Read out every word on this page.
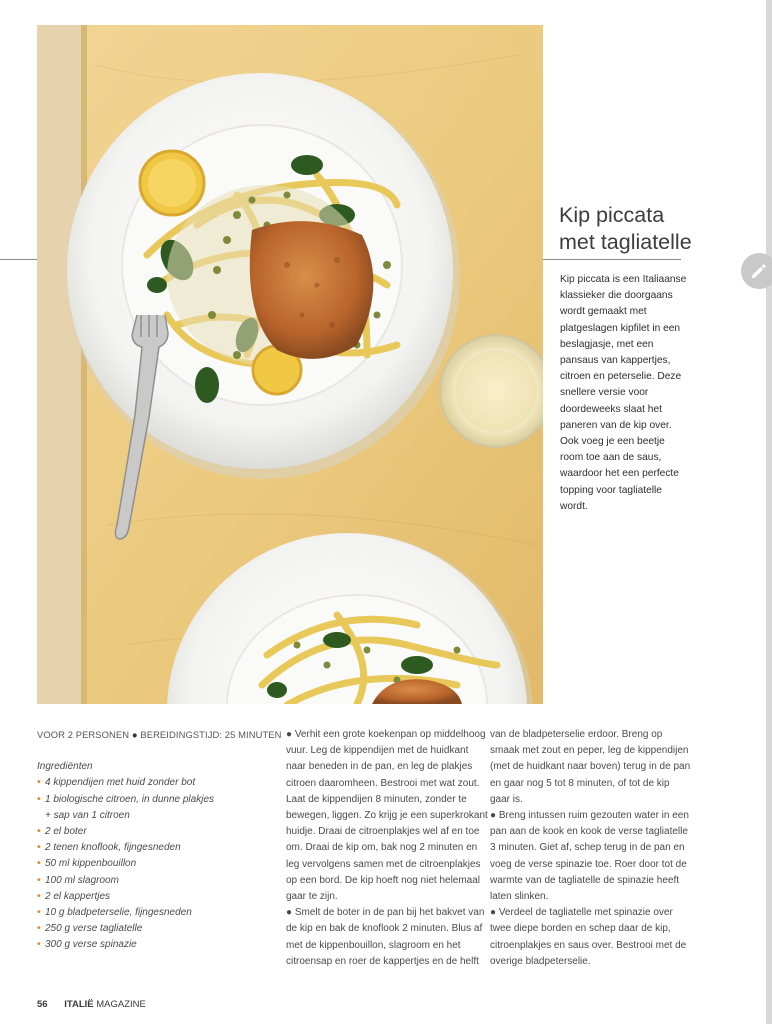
Kip piccata
met tagliatelle
Kip piccata is een Italiaanse
klassieker die doorgaans
wordt gemaakt met
platgeslagen kipfilet in een
beslagjasje, met een
pansaus van kappertjes,
citroen en peterselie. Deze
snellere versie voor
doordeweeks slaat het
paneren van de kip over.
Ook voeg je een beetje
room toe aan de saus,
waardoor het een perfecte
topping voor tagliatelle
wordt.
VOOR 2 PERSONEN ● BEREIDINGSTIJD: 25 MINUTEN
Ingrediënten
• 4 kippendijen met huid zonder bot
• 1 biologische citroen, in dunne plakjes
+ sap van 1 citroen
• 2 el boter
• 2 tenen knoflook, fijngesneden
• 50 ml kippenbouillon
• 100 ml slagroom
• 2 el kappertjes
• 10 g bladpeterselie, fijngesneden
• 250 g verse tagliatelle
• 300 g verse spinazie
● Verhit een grote koekenpan op middelhoog
vuur. Leg de kippendijen met de huidkant
naar beneden in de pan, en leg de plakjes
citroen daaromheen. Bestrooi met wat zout.
Laat de kippendijen 8 minuten, zonder te
bewegen, liggen. Zo krijg je een superkrokant
huidje. Draai de citroenplakjes wel af en toe
om. Draai de kip om, bak nog 2 minuten en
leg vervolgens samen met de citroenplakjes
op een bord. De kip hoeft nog niet helemaal
gaar te zijn.
● Smelt de boter in de pan bij het bakvet van
de kip en bak de knoflook 2 minuten. Blus af
met de kippenbouillon, slagroom en het
citroensap en roer de kappertjes en de helft
van de bladpeterselie erdoor. Breng op
smaak met zout en peper, leg de kippendijen
(met de huidkant naar boven) terug in de pan
en gaar nog 5 tot 8 minuten, of tot de kip
gaar is.
● Breng intussen ruim gezouten water in een
pan aan de kook en kook de verse tagliatelle
3 minuten. Giet af, schep terug in de pan en
voeg de verse spinazie toe. Roer door tot de
warmte van de tagliatelle de spinazie heeft
laten slinken.
● Verdeel de tagliatelle met spinazie over
twee diepe borden en schep daar de kip,
citroenplakjes en saus over. Bestrooi met de
overige bladpeterselie.
56 ITALIË MAGAZINE
